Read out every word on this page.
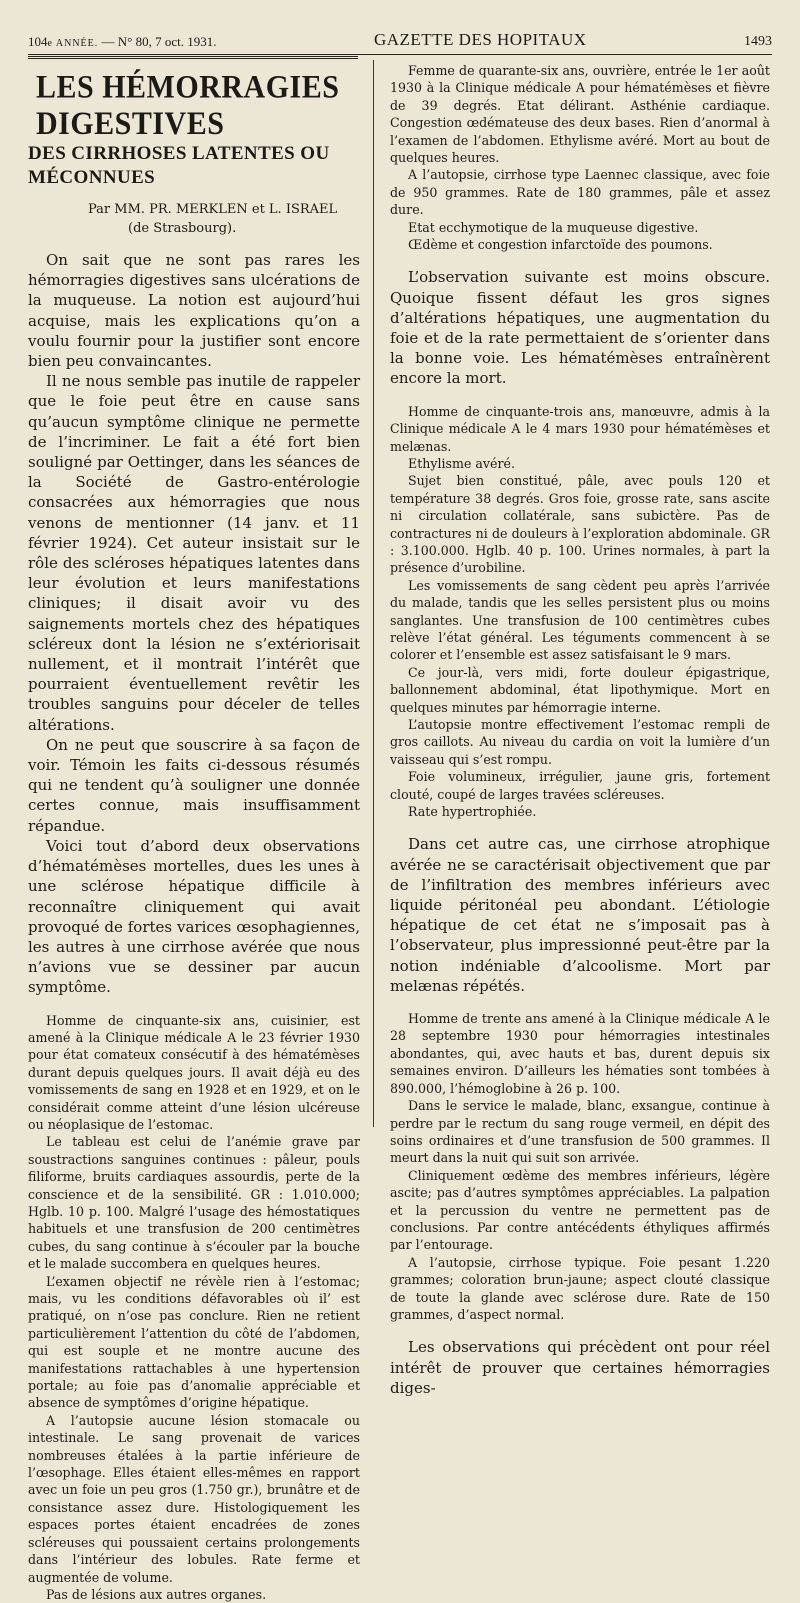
104e ANNÉE. — N° 80, 7 oct. 1931.	GAZETTE DES HOPITAUX	1493
LES HÉMORRAGIES DIGESTIVES
DES CIRRHOSES LATENTES OU MÉCONNUES
Par MM. PR. MERKLEN et L. ISRAEL
(de Strasbourg).

On sait que ne sont pas rares les hémorragies digestives sans ulcérations de la muqueuse. La notion est aujourd’hui acquise, mais les explications qu’on a voulu fournir pour la justifier sont encore bien peu convaincantes.

Il ne nous semble pas inutile de rappeler que le foie peut être en cause sans qu’aucun symptôme clinique ne permette de l’incriminer. Le fait a été fort bien souligné par Oettinger, dans les séances de la Société de Gastro-entérologie consacrées aux hémorragies que nous venons de mentionner (14 janv. et 11 février 1924). Cet auteur insistait sur le rôle des scléroses hépatiques latentes dans leur évolution et leurs manifestations cliniques; il disait avoir vu des saignements mortels chez des hépatiques scléreux dont la lésion ne s’extériorisait nullement, et il montrait l’intérêt que pourraient éventuellement revêtir les troubles sanguins pour déceler de telles altérations.

On ne peut que souscrire à sa façon de voir. Témoin les faits ci-dessous résumés qui ne tendent qu’à souligner une donnée certes connue, mais insuffisamment répandue.

Voici tout d’abord deux observations d’hématémèses mortelles, dues les unes à une sclérose hépatique difficile à reconnaître cliniquement qui avait provoqué de fortes varices œsophagiennes, les autres à une cirrhose avérée que nous n’avions vue se dessiner par aucun symptôme.

Homme de cinquante-six ans, cuisinier, est amené à la Clinique médicale A le 23 février 1930 pour état comateux consécutif à des hématémèses durant depuis quelques jours. Il avait déjà eu des vomissements de sang en 1928 et en 1929, et on le considérait comme atteint d’une lésion ulcéreuse ou néoplasique de l’estomac.

Le tableau est celui de l’anémie grave par soustractions sanguines continues : pâleur, pouls filiforme, bruits cardiaques assourdis, perte de la conscience et de la sensibilité. GR : 1.010.000; Hglb. 10 p. 100. Malgré l’usage des hémostatiques habituels et une transfusion de 200 centimètres cubes, du sang continue à s’écouler par la bouche et le malade succombera en quelques heures.

L’examen objectif ne révèle rien à l’estomac; mais, vu les conditions défavorables où il’ est pratiqué, on n’ose pas conclure. Rien ne retient particulièrement l’attention du côté de l’abdomen, qui est souple et ne montre aucune des manifestations rattachables à une hypertension portale; au foie pas d’anomalie appréciable et absence de symptômes d’origine hépatique.

A l’autopsie aucune lésion stomacale ou intestinale. Le sang provenait de varices nombreuses étalées à la partie inférieure de l’œsophage. Elles étaient elles-mêmes en rapport avec un foie un peu gros (1.750 gr.), brunâtre et de consistance assez dure. Histologiquement les espaces portes étaient encadrées de zones scléreuses qui poussaient certains prolongements dans l’intérieur des lobules. Rate ferme et augmentée de volume.

Pas de lésions aux autres organes.

Femme de quarante-six ans, ouvrière, entrée le 1er août 1930 à la Clinique médicale A pour hématémèses et fièvre de 39 degrés. Etat délirant. Asthénie cardiaque. Congestion œdémateuse des deux bases. Rien d’anormal à l’examen de l’abdomen. Ethylisme avéré. Mort au bout de quelques heures.

A l’autopsie, cirrhose type Laennec classique, avec foie de 950 grammes. Rate de 180 grammes, pâle et assez dure.

Etat ecchymotique de la muqueuse digestive.

Œdème et congestion infarctoïde des poumons.

L’observation suivante est moins obscure. Quoique fissent défaut les gros signes d’altérations hépatiques, une augmentation du foie et de la rate permettaient de s’orienter dans la bonne voie. Les hématémèses entraînèrent encore la mort.

Homme de cinquante-trois ans, manœuvre, admis à la Clinique médicale A le 4 mars 1930 pour hématémèses et melænas.

Ethylisme avéré.

Sujet bien constitué, pâle, avec pouls 120 et température 38 degrés. Gros foie, grosse rate, sans ascite ni circulation collatérale, sans subictère. Pas de contractures ni de douleurs à l’exploration abdominale. GR : 3.100.000. Hglb. 40 p. 100. Urines normales, à part la présence d’urobiline.

Les vomissements de sang cèdent peu après l’arrivée du malade, tandis que les selles persistent plus ou moins sanglantes. Une transfusion de 100 centimètres cubes relève l’état général. Les téguments commencent à se colorer et l’ensemble est assez satisfaisant le 9 mars.

Ce jour-là, vers midi, forte douleur épigastrique, ballonnement abdominal, état lipothymique. Mort en quelques minutes par hémorragie interne.

L’autopsie montre effectivement l’estomac rempli de gros caillots. Au niveau du cardia on voit la lumière d’un vaisseau qui s’est rompu.

Foie volumineux, irrégulier, jaune gris, fortement clouté, coupé de larges travées scléreuses.

Rate hypertrophiée.

Dans cet autre cas, une cirrhose atrophique avérée ne se caractérisait objectivement que par de l’infiltration des membres inférieurs avec liquide péritonéal peu abondant. L’étiologie hépatique de cet état ne s’imposait pas à l’observateur, plus impressionné peut-être par la notion indéniable d’alcoolisme. Mort par melænas répétés.

Homme de trente ans amené à la Clinique médicale A le 28 septembre 1930 pour hémorragies intestinales abondantes, qui, avec hauts et bas, durent depuis six semaines environ. D’ailleurs les hématies sont tombées à 890.000, l’hémoglobine à 26 p. 100.

Dans le service le malade, blanc, exsangue, continue à perdre par le rectum du sang rouge vermeil, en dépit des soins ordinaires et d’une transfusion de 500 grammes. Il meurt dans la nuit qui suit son arrivée.

Cliniquement œdème des membres inférieurs, légère ascite; pas d’autres symptômes appréciables. La palpation et la percussion du ventre ne permettent pas de conclusions. Par contre antécédents éthyliques affirmés par l’entourage.

A l’autopsie, cirrhose typique. Foie pesant 1.220 grammes; coloration brun-jaune; aspect clouté classique de toute la glande avec sclérose dure. Rate de 150 grammes, d’aspect normal.

Les observations qui précèdent ont pour réel intérêt de prouver que certaines hémorragies diges-
